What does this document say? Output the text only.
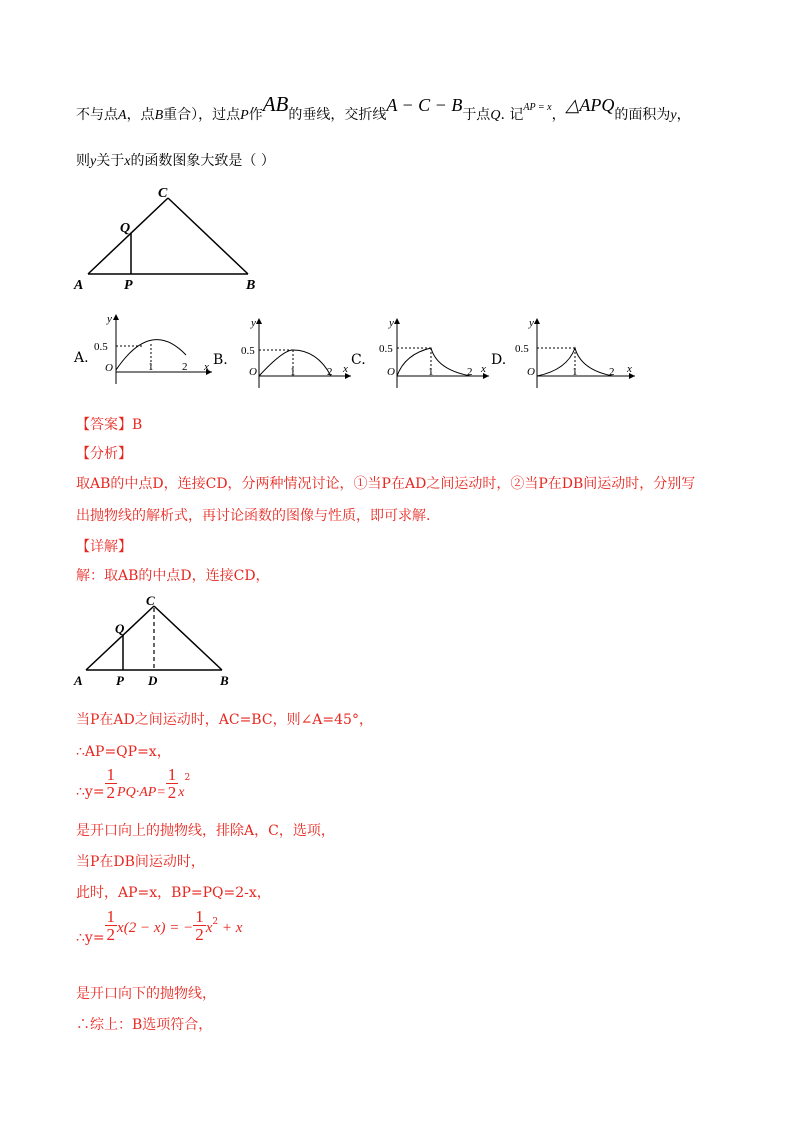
不与点A，点B重合），过点P作AB的垂线，交折线A − C − B于点Q. 记$^{AP = x}$，△APQ的面积为y，
则y关于x的函数图象大致是（ ）
A	B
C
P
Q
A.
y
x
O
0.5
1	2 B.
y
x
O
0.5
1	2
C.
y
x
O
0.5
1	2
D.
y
x
O
0.5
1	2
【答案】B
【分析】
取AB的中点D，连接CD，分两种情况讨论，①当P在AD之间运动时，②当P在DB间运动时，分别写
出抛物线的解析式，再讨论函数的图像与性质，即可求解.
【详解】
解：取AB的中点D，连接CD，
A	B
C
P
Q
D
当P在AD之间运动时，AC=BC，则∠A=45°，
∴AP=QP=x，
∴y= $\frac{1}{2} PQ\cdot AP= \frac{1}{2} x^2$
是开口向上的抛物线，排除A，C，选项，
当P在DB间运动时，
此时，AP=x，BP=PQ=2-x，
∴y= $\frac{1}{2} x(2 - x)$ = − $\frac{1}{2} x^2 + x$
是开口向下的抛物线，
∴综上：B选项符合，
